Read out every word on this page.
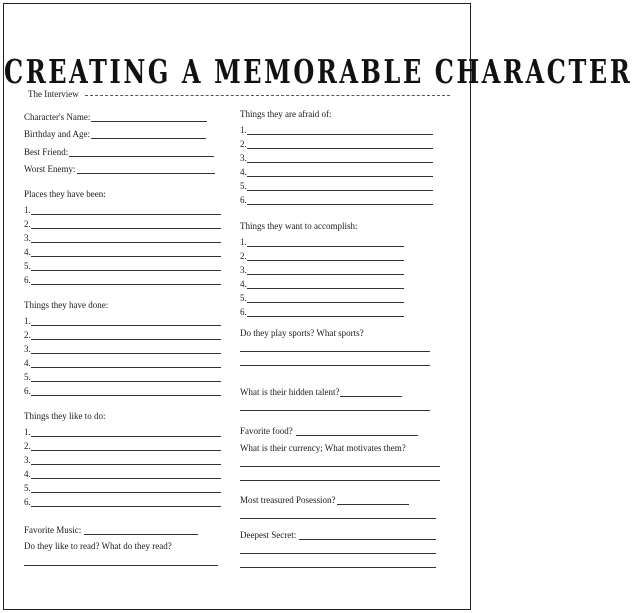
CREATING A MEMORABLE CHARACTER
The Interview
Character's Name:
Birthday and Age:
Best Friend:
Worst Enemy:
Places they have been:
1.
2.
3.
4.
5.
6.
Things they have done:
1.
2.
3.
4.
5.
6.
Things they like to do:
1.
2.
3.
4.
5.
6.
Favorite Music:
Do they like to read? What do they read?
Things they are afraid of:
1.
2.
3.
4.
5.
6.
Things they want to accomplish:
1.
2.
3.
4.
5.
6.
Do they play sports? What sports?
What is their hidden talent?
Favorite food?
What is their currency; What motivates them?
Most treasured Posession?
Deepest Secret:
